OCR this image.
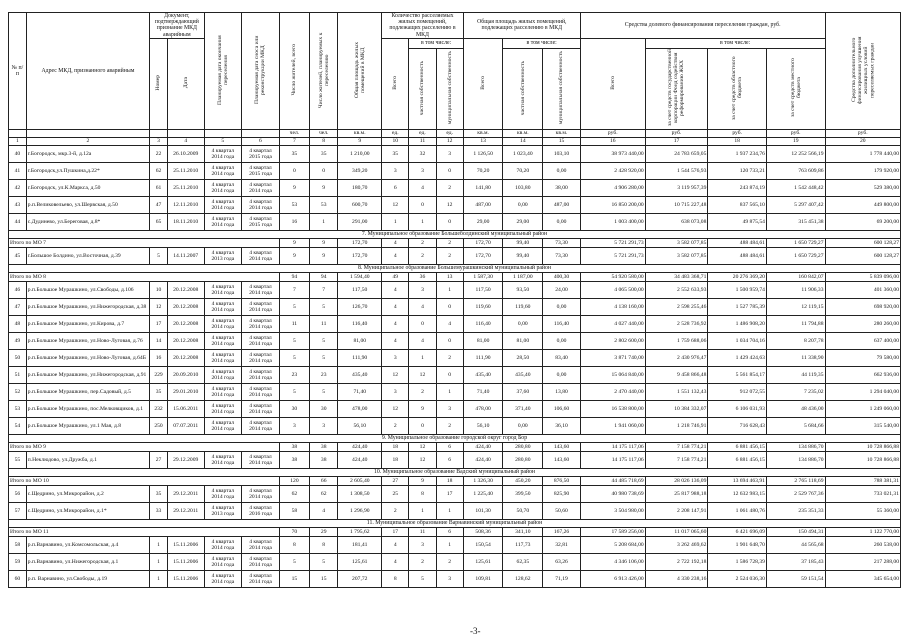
№ п/п	Адрес МКД, признанного аварийным	Документ, подтверждающий признание МКД аварийным		Планируемая дата окончания переселения	Планируемая дата сноса или реконструкции МКД	Число жителей, всего	Число жителей, планируемых к переселению	Общая площадь жилых помещений в МКД	Количество расселяемых жилых помещений, подлежащих расселению в МКД			Общая площадь жилых помещений, подлежащих расселению в МКД			Средства долевого финансирования переселения граждан, руб.				Средства дополнительного финансирования улучшения жилищных условий переселяемых граждан
		Номер	Дата						Всего	в том числе:		Всего	в том числе:		Всего	в том числе:			
										частная собственность	муниципальная собственность		частная собственность	муниципальная собственность		за счет средств государственной корпорации Фонд содействия реформированию ЖКХ	за счет средств областного бюджета	за счет средств местного бюджета	
						чел.	чел.	кв.м.	ед.	ед.	ед.	кв.м.	кв.м.	кв.м.	руб.	руб.	руб.	руб.	руб.
1	2	3	4	5	6	7	8	9	10	11	12	13	14	15	16	17	18	19	20
40	г.Богородск, мкр.3-й, д.12а	22	26.10.2009	4 квартал 2014 года	4 квартал 2015 года	35	35	1 210,00	35	32	3	1 126,50	1 023,40	103,10	38 973 440,00	24 783 659,05	1 937 234,76	12 252 566,19	1 778 440,00
41	г.Богородск,ул.Пушкина,д.22*	62	25.11.2010	4 квартал 2014 года	4 квартал 2015 года	0	0	349,20	3	3	0	70,20	70,20	0,00	2 428 920,00	1 544 576,93	120 733,21	763 609,86	179 920,00
42	г.Богородск, ул.К.Маркса, д.50	61	25.11.2010	4 квартал 2014 года	4 квартал 2014 года	9	9	180,70	6	4	2	141,80	103,80	38,00	4 906 280,00	3 119 957,39	243 874,19	1 542 448,42	529 380,00
43	р.п.Великовельево, ул.Шервская, д.50	47	12.11.2010	4 квартал 2014 года	4 квартал 2014 года	53	53	600,70	12	0	12	487,00	0,00	487,00	16 850 200,00	10 715 227,48	837 565,10	5 297 407,42	449 800,00
44	с.Дудинево, ул.Береговая, д.8*	65	18.11.2010	4 квартал 2014 года	4 квартал 2015 года	16	1	291,00	1	1	0	29,00	29,00	0,00	1 003 400,00	638 073,08	49 875,54	315 451,38	69 200,00
7. Муниципальное образование Большеболдинский муниципальный район																			
Итого по МО 7						9	9	172,70	4	2	2	172,70	99,40	73,30	5 721 291,73	3 582 077,85	488 484,61	1 650 729,27	600 128,27
45	г.Большое Болдино, ул.Восточная, д.39	5	14.11.2007	4 квартал 2013 года	4 квартал 2014 года	9	9	172,70	4	2	2	172,70	99,40	73,30	5 721 291,73	3 582 077,85	488 484,61	1 650 729,27	600 128,27
8. Муниципальное образование Большемурашкинский муниципальный район																			
Итого по МО 8						94	94	1 594,40	49	36	13	1 587,30	1 187,00	400,30	54 920 580,00	34 483 368,71	20 276 369,20	160 842,07	5 839 096,00
46	р.п.Большое Мурашкино, ул.Свободы, д.106	10	20.12.2008	4 квартал 2014 года	4 квартал 2014 года	7	7	117,50	4	3	1	117,50	93,50	24,00	4 065 500,00	2 552 633,93	1 500 959,74	11 906,33	401 360,00
47	р.п.Большое Мурашкино, ул.Нижегородская, д.38	12	20.12.2008	4 квартал 2014 года	4 квартал 2014 года	5	5	126,70	4	4	0	119,60	119,60	0,00	4 138 160,00	2 598 255,46	1 527 785,39	12 119,15	698 920,00
48	р.п.Большое Мурашкино, ул.Кирова, д.7	17	20.12.2008	4 квартал 2014 года	4 квартал 2014 года	11	11	116,40	4	0	4	116,40	0,00	116,40	4 027 440,00	2 528 736,92	1 486 908,20	11 794,88	280 260,00
49	р.п.Большое Мурашкино, ул.Ново-Луговая, д.76	14	20.12.2008	4 квартал 2014 года	4 квартал 2014 года	5	5	81,00	4	4	0	81,00	81,00	0,00	2 802 600,00	1 759 688,06	1 034 704,16	8 207,78	637 400,00
50	р.п.Большое Мурашкино, ул.Ново-Луговая, д.64Б	16	20.12.2008	4 квартал 2014 года	4 квартал 2014 года	5	5	111,90	3	1	2	111,90	28,50	83,40	3 871 740,00	2 430 976,47	1 429 424,63	11 338,90	79 580,00
51	р.п.Большое Мурашкино, ул.Нижегородская, д.91	229	20.09.2010	4 квартал 2014 года	4 квартал 2014 года	23	23	435,40	12	12	0	435,40	435,40	0,00	15 064 840,00	9 458 866,48	5 561 854,17	44 119,35	662 936,00
52	р.п.Большое Мурашкино, пер.Садовый, д.5	35	29.01.2010	4 квартал 2014 года	4 квартал 2014 года	5	5	71,40	3	2	1	71,40	37,60	13,80	2 470 440,00	1 551 132,43	912 072,55	7 235,02	1 294 040,00
53	р.п.Большое Мурашкино, пос.Мелковщиков, д.1	232	15.06.2011	4 квартал 2014 года	4 квартал 2014 года	30	30	478,00	12	9	3	478,00	371,40	106,60	16 538 800,00	10 384 332,07	6 106 031,93	48 436,00	1 249 060,00
54	р.п.Большое Мурашкино, ул.1 Мая, д.8	250	07.07.2011	4 квартал 2014 года	4 квартал 2014 года	3	3	56,10	2	0	2	56,10	0,00	36,10	1 941 060,00	1 218 746,91	716 628,43	5 684,66	315 540,00
9. Муниципальное образование городской округ город Бор																			
Итого по МО 9						38	38	424,40	18	12	6	424,40	280,80	143,60	14 175 117,06	7 158 774,21	6 881 456,15	134 886,70	10 728 866,88
55	п.Неклюдово, ул.Дружба, д.1	27	29.12.2009	4 квартал 2014 года	4 квартал 2014 года	38	38	424,40	18	12	6	424,40	280,80	143,60	14 175 117,06	7 158 774,21	6 881 456,15	134 886,70	10 728 866,88
10. Муниципальное образование Вадский муниципальный район																			
Итого по МО 10						120	66	2 605,40	27	9	18	1 326,30	450,20	876,50	44 485 718,69	28 026 136,09	13 694 463,91	2 765 118,69	788 381,31
56	с.Щедрино, ул.Микрорайон, д.2	35	29.12.2011	4 квартал 2014 года	4 квартал 2014 года	62	62	1 308,50	25	8	17	1 225,40	399,50	825,90	40 980 738,69	25 817 988,18	12 632 983,15	2 529 767,36	733 021,31
57	с.Щедрино, ул.Микрорайон, д.1*	33	29.12.2011	4 квартал 2013 года	4 квартал 2016 года	58	4	1 296,90	2	1	1	101,30	50,70	50,60	3 504 980,00	2 208 147,91	1 061 480,76	235 351,33	55 360,00
11. Муниципальное образование Варнавинский муниципальный район																			
Итого по МО 11						70	29	1 795,62	17	11	6	508,36	341,10	167,26	17 589 256,00	11 017 065,60	6 421 696,09	150 494,31	1 122 770,00
58	р.п.Варнавино, ул.Комсомольская, д.4	1	15.11.2006	4 квартал 2014 года	4 квартал 2014 года	8	8	181,41	4	3	1	150,54	117,73	32,81	5 208 684,00	3 262 469,62	1 901 648,70	44 565,68	260 538,00
59	р.п.Варнавино, ул.Нижегородская, д.1	1	15.11.2006	4 квартал 2014 года	4 квартал 2014 года	5	5	125,61	4	2	2	125,61	62,35	63,26	4 346 106,00	2 722 192,18	1 586 728,39	37 185,43	217 288,00
60	р.п. Варнавино, ул.Свободы, д.19	1	15.11.2006	4 квартал 2014 года	4 квартал 2014 года	15	15	207,72	8	5	3	109,81	128,62	71,19	6 913 426,00	4 330 238,16	2 524 036,30	59 151,54	345 654,00
-3-
